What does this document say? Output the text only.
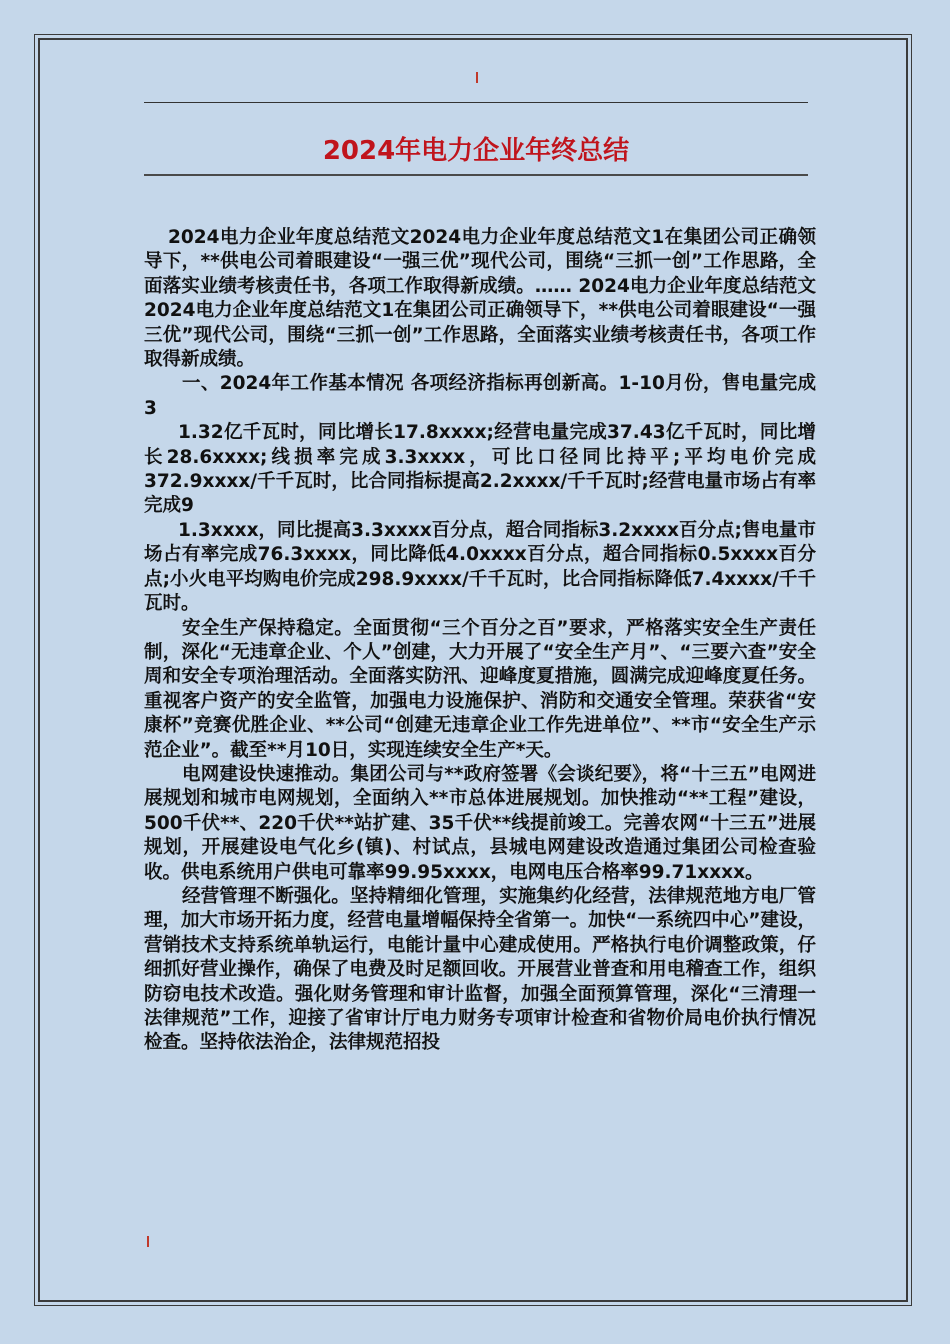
2024年电力企业年终总结

2024电力企业年度总结范文2024电力企业年度总结范文1在集团公司正确领导下，**供电公司着眼建设“一强三优”现代公司，围绕“三抓一创”工作思路，全面落实业绩考核责任书，各项工作取得新成绩。…… 2024电力企业年度总结范文2024电力企业年度总结范文1在集团公司正确领导下，**供电公司着眼建设“一强三优”现代公司，围绕“三抓一创”工作思路，全面落实业绩考核责任书，各项工作取得新成绩。

一、2024年工作基本情况 各项经济指标再创新高。1-10月份，售电量完成3

1.32亿千瓦时，同比增长17.8xxxx;经营电量完成37.43亿千瓦时，同比增长28.6xxxx;线损率完成3.3xxxx，可比口径同比持平;平均电价完成372.9xxxx/千千瓦时，比合同指标提高2.2xxxx/千千瓦时;经营电量市场占有率完成9

1.3xxxx，同比提高3.3xxxx百分点，超合同指标3.2xxxx百分点;售电量市场占有率完成76.3xxxx，同比降低4.0xxxx百分点，超合同指标0.5xxxx百分点;小火电平均购电价完成298.9xxxx/千千瓦时，比合同指标降低7.4xxxx/千千瓦时。

安全生产保持稳定。全面贯彻“三个百分之百”要求，严格落实安全生产责任制，深化“无违章企业、个人”创建，大力开展了“安全生产月”、“三要六查”安全周和安全专项治理活动。全面落实防汛、迎峰度夏措施，圆满完成迎峰度夏任务。重视客户资产的安全监管，加强电力设施保护、消防和交通安全管理。荣获省“安康杯”竞赛优胜企业、**公司“创建无违章企业工作先进单位”、**市“安全生产示范企业”。截至**月10日，实现连续安全生产*天。

电网建设快速推动。集团公司与**政府签署《会谈纪要》，将“十三五”电网进展规划和城市电网规划，全面纳入**市总体进展规划。加快推动“**工程”建设，500千伏**、220千伏**站扩建、35千伏**线提前竣工。完善农网“十三五”进展规划，开展建设电气化乡(镇)、村试点，县城电网建设改造通过集团公司检查验收。供电系统用户供电可靠率99.95xxxx，电网电压合格率99.71xxxx。

经营管理不断强化。坚持精细化管理，实施集约化经营，法律规范地方电厂管理，加大市场开拓力度，经营电量增幅保持全省第一。加快“一系统四中心”建设，营销技术支持系统单轨运行，电能计量中心建成使用。严格执行电价调整政策，仔细抓好营业操作，确保了电费及时足额回收。开展营业普查和用电稽查工作，组织防窃电技术改造。强化财务管理和审计监督，加强全面预算管理，深化“三清理一法律规范”工作，迎接了省审计厅电力财务专项审计检查和省物价局电价执行情况检查。坚持依法治企，法律规范招投
